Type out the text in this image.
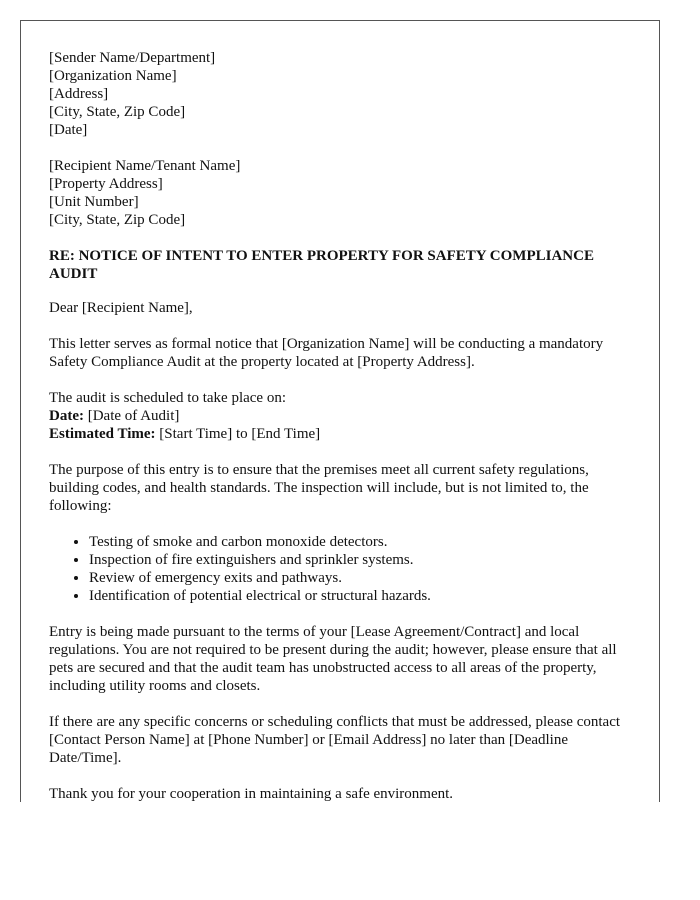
[Sender Name/Department]
[Organization Name]
[Address]
[City, State, Zip Code]
[Date]
[Recipient Name/Tenant Name]
[Property Address]
[Unit Number]
[City, State, Zip Code]

RE: NOTICE OF INTENT TO ENTER PROPERTY FOR SAFETY COMPLIANCE AUDIT

Dear [Recipient Name],

This letter serves as formal notice that [Organization Name] will be conducting a mandatory Safety Compliance Audit at the property located at [Property Address].

The audit is scheduled to take place on:
Date: [Date of Audit]
Estimated Time: [Start Time] to [End Time]

The purpose of this entry is to ensure that the premises meet all current safety regulations, building codes, and health standards. The inspection will include, but is not limited to, the following:

• Testing of smoke and carbon monoxide detectors.
• Inspection of fire extinguishers and sprinkler systems.
• Review of emergency exits and pathways.
• Identification of potential electrical or structural hazards.

Entry is being made pursuant to the terms of your [Lease Agreement/Contract] and local regulations. You are not required to be present during the audit; however, please ensure that all pets are secured and that the audit team has unobstructed access to all areas of the property, including utility rooms and closets.

If there are any specific concerns or scheduling conflicts that must be addressed, please contact [Contact Person Name] at [Phone Number] or [Email Address] no later than [Deadline Date/Time].

Thank you for your cooperation in maintaining a safe environment.
